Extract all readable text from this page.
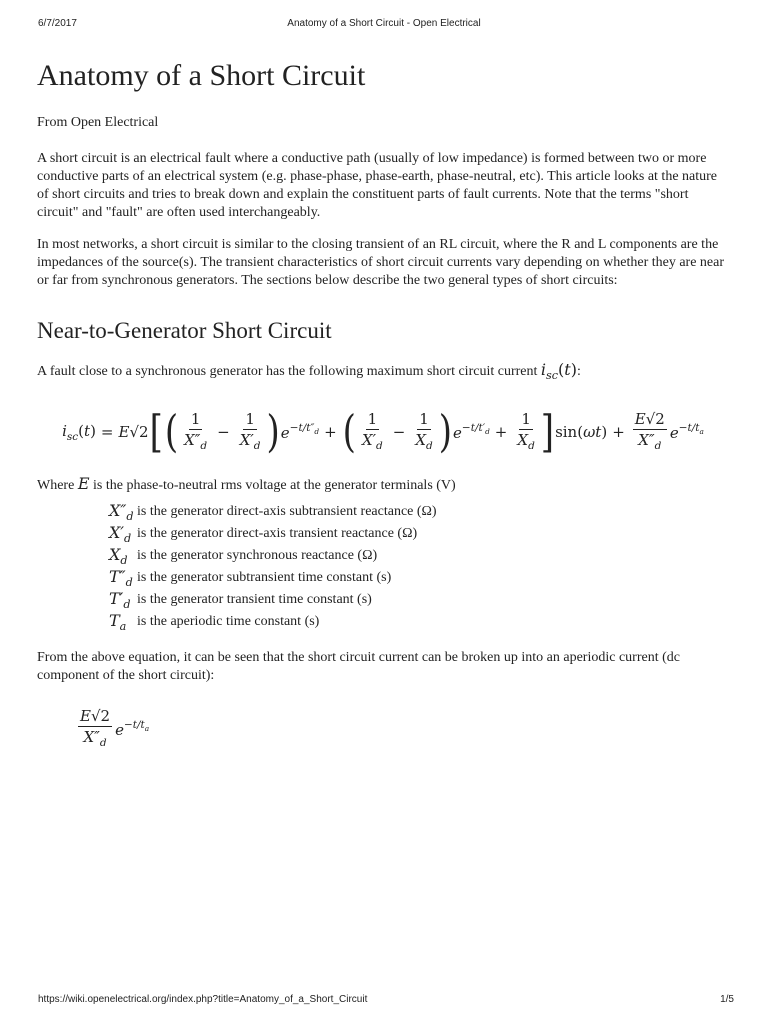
6/7/2017	Anatomy of a Short Circuit - Open Electrical
Anatomy of a Short Circuit

From Open Electrical

A short circuit is an electrical fault where a conductive path (usually of low impedance) is formed between two or more conductive parts of an electrical system (e.g. phase-phase, phase-earth, phase-neutral, etc). This article looks at the nature of short circuits and tries to break down and explain the constituent parts of fault currents. Note that the terms "short circuit" and "fault" are often used interchangeably.

In most networks, a short circuit is similar to the closing transient of an RL circuit, where the R and L components are the impedances of the source(s). The transient characteristics of short circuit currents vary depending on whether they are near or far from synchronous generators. The sections below describe the two general types of short circuits:

Near-to-Generator Short Circuit

A fault close to a synchronous generator has the following maximum short circuit current $i_{sc}(t)$:

$i_{sc}(t) = E√2$ [ ( $\frac{1}{X''_d} - \frac{1}{X'_d}$ ) $e^{-t/t''_d}$ + ( $\frac{1}{X'_d} - \frac{1}{X_d}$ ) $e^{-t/t'_d} + \frac{1}{X_d}$ ] sin( ωt ) + $\frac{E√2}{X''_d} e^{-t/t_a}$

Where E is the phase-to-neutral rms voltage at the generator terminals (V)

$X''_d$ is the generator direct-axis subtransient reactance (Ω)
$X'_d$ is the generator direct-axis transient reactance (Ω)
$X_d$ is the generator synchronous reactance (Ω)
$T''_d$ is the generator subtransient time constant (s)
$T'_d$ is the generator transient time constant (s)
$T_a$ is the aperiodic time constant (s)

From the above equation, it can be seen that the short circuit current can be broken up into an aperiodic current (dc component of the short circuit):

$\frac{E√2}{X''_d} e^{-t/t_a}$
https://wiki.openelectrical.org/index.php?title=Anatomy_of_a_Short_Circuit	1/5
